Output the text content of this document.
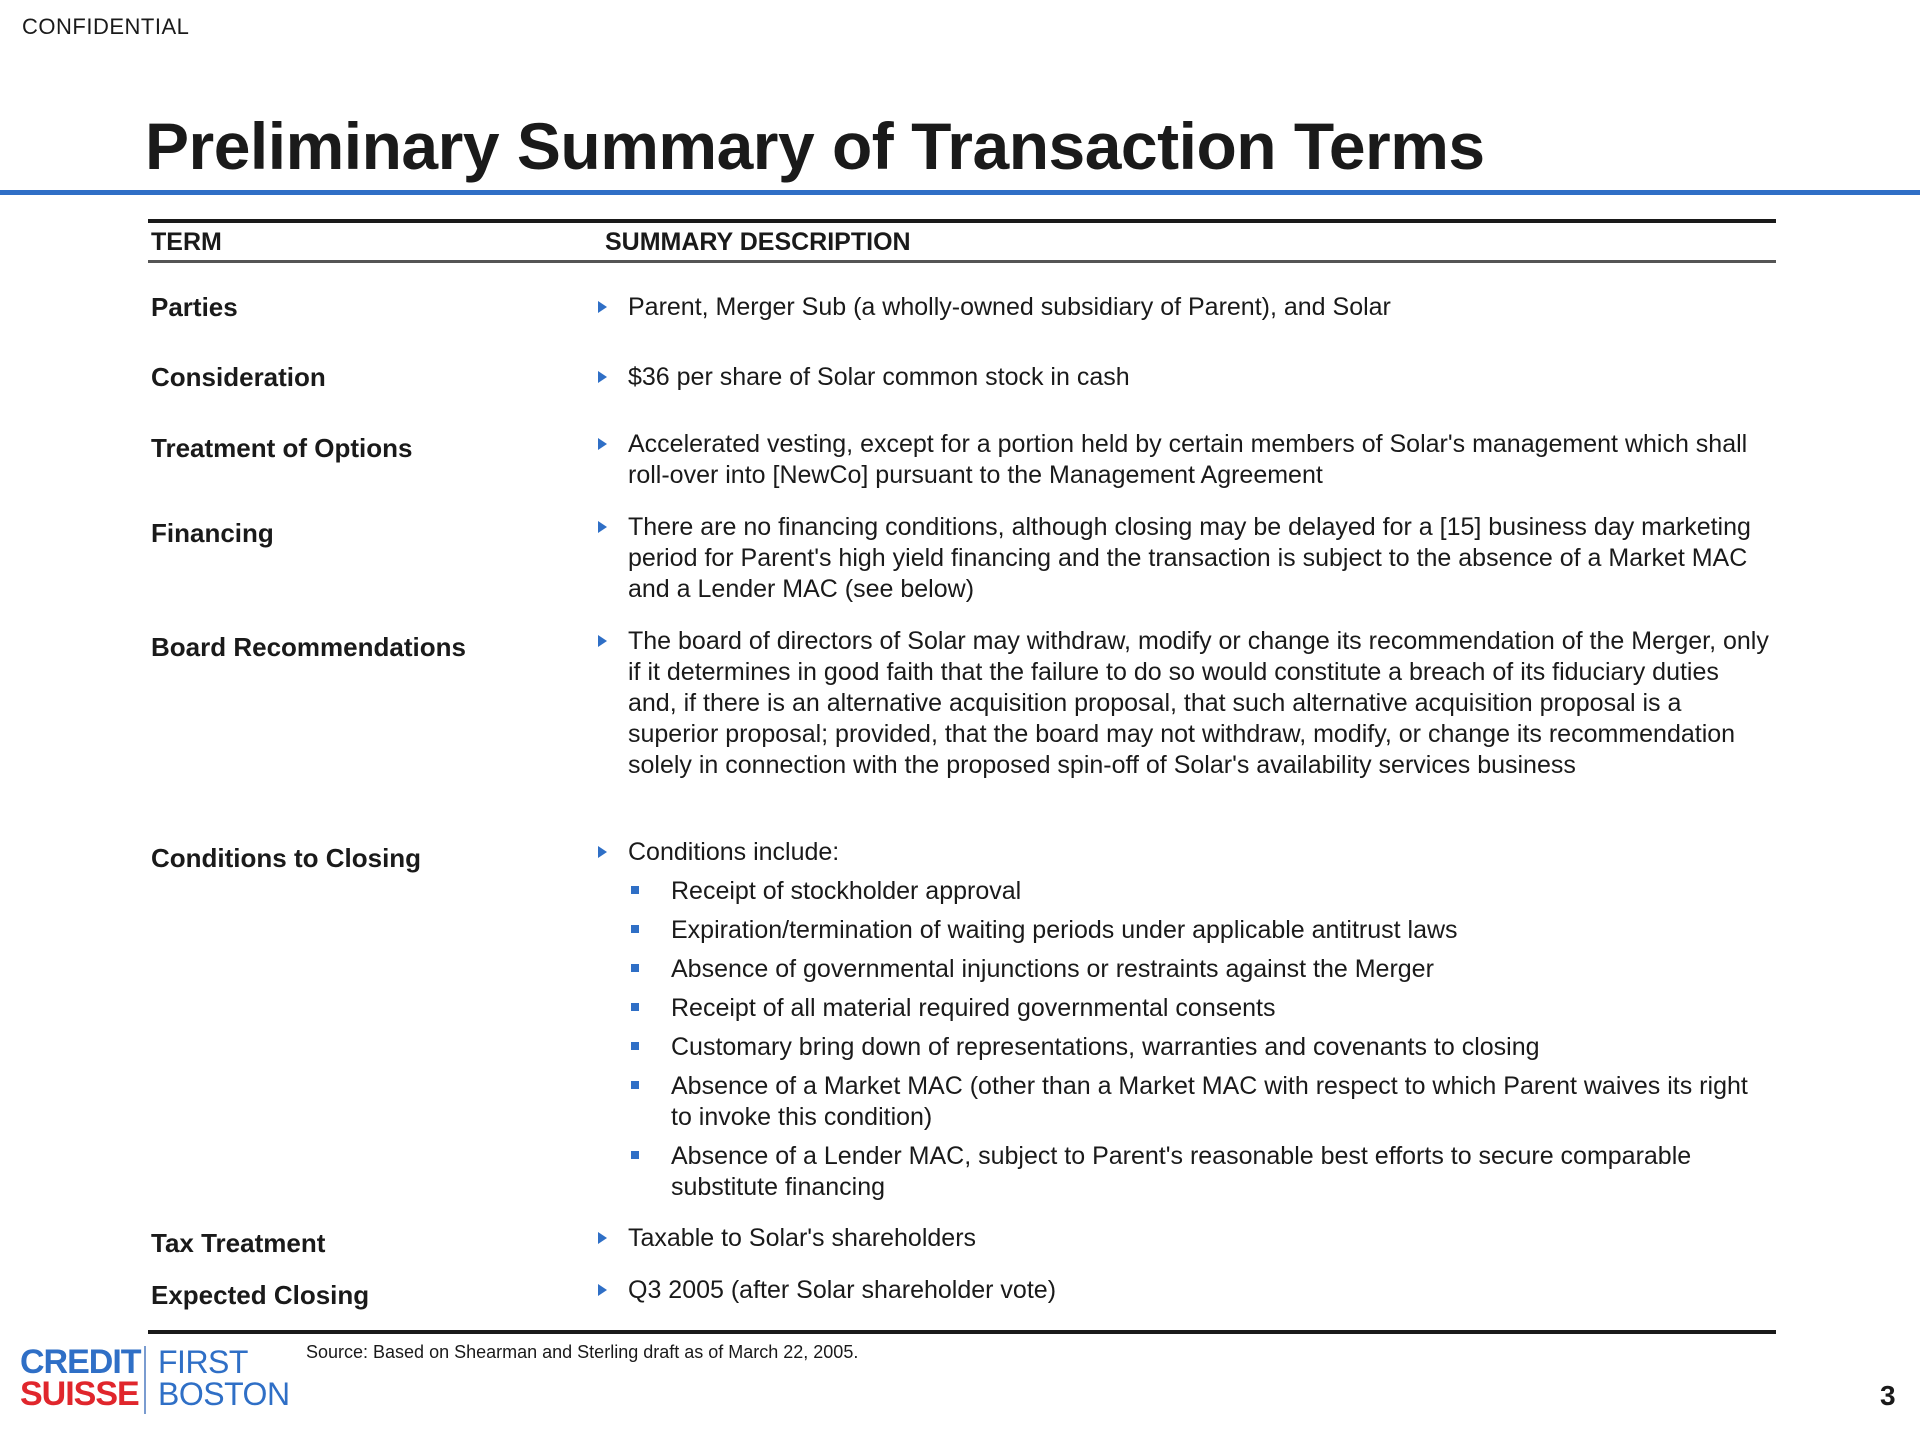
CONFIDENTIAL
Preliminary Summary of Transaction Terms
TERM	SUMMARY DESCRIPTION
Parties	Parent, Merger Sub (a wholly-owned subsidiary of Parent), and Solar

Consideration	$36 per share of Solar common stock in cash

Treatment of Options	Accelerated vesting, except for a portion held by certain members of Solar's management which shall roll-over into [NewCo] pursuant to the Management Agreement

Financing	There are no financing conditions, although closing may be delayed for a [15] business day marketing period for Parent's high yield financing and the transaction is subject to the absence of a Market MAC and a Lender MAC (see below)

Board Recommendations	The board of directors of Solar may withdraw, modify or change its recommendation of the Merger, only if it determines in good faith that the failure to do so would constitute a breach of its fiduciary duties and, if there is an alternative acquisition proposal, that such alternative acquisition proposal is a superior proposal; provided, that the board may not withdraw, modify, or change its recommendation solely in connection with the proposed spin-off of Solar's availability services business

Conditions to Closing	Conditions include:

Receipt of stockholder approval
Expiration/termination of waiting periods under applicable antitrust laws
Absence of governmental injunctions or restraints against the Merger
Receipt of all material required governmental consents
Customary bring down of representations, warranties and covenants to closing
Absence of a Market MAC (other than a Market MAC with respect to which Parent waives its right to invoke this condition)
Absence of a Lender MAC, subject to Parent's reasonable best efforts to secure comparable substitute financing
Tax Treatment	Taxable to Solar's shareholders

Expected Closing	Q3 2005 (after Solar shareholder vote)

Source: Based on Shearman and Sterling draft as of March 22, 2005.
CREDIT
SUISSE
FIRST
BOSTON	3
